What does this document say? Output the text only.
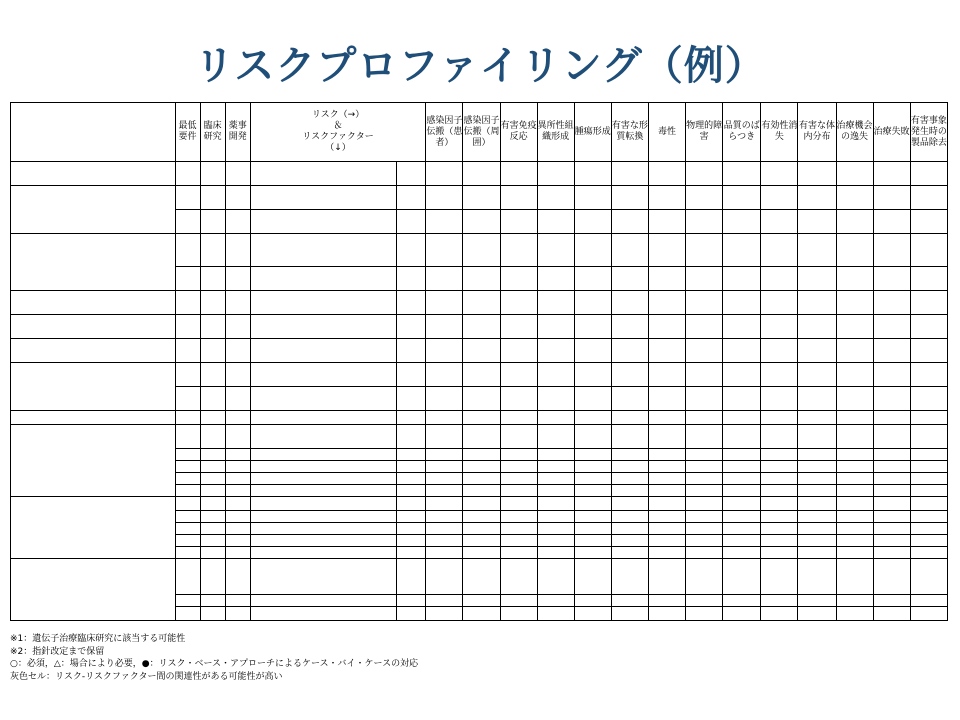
リスクプロファイリング（例）
	最低要件	臨床研究	薬事開発	リスク（→）
＆
リスクファクター
（↓）		感染因子伝搬（患者）	感染因子伝搬（周囲）	有害免疫反応	異所性組織形成	腫瘍形成	有害な形質転換	毒性	物理的障害	品質のばらつき	有効性消失	有害な体内分布	治療機会の逸失	治療失敗	有害事象発生時の製品除去

※1：遺伝子治療臨床研究に該当する可能性
※2：指針改定まで保留
○：必須，△：場合により必要，●：リスク・ベース・アプローチによるケース・バイ・ケースの対応
灰色セル：リスク-リスクファクター間の関連性がある可能性が高い
